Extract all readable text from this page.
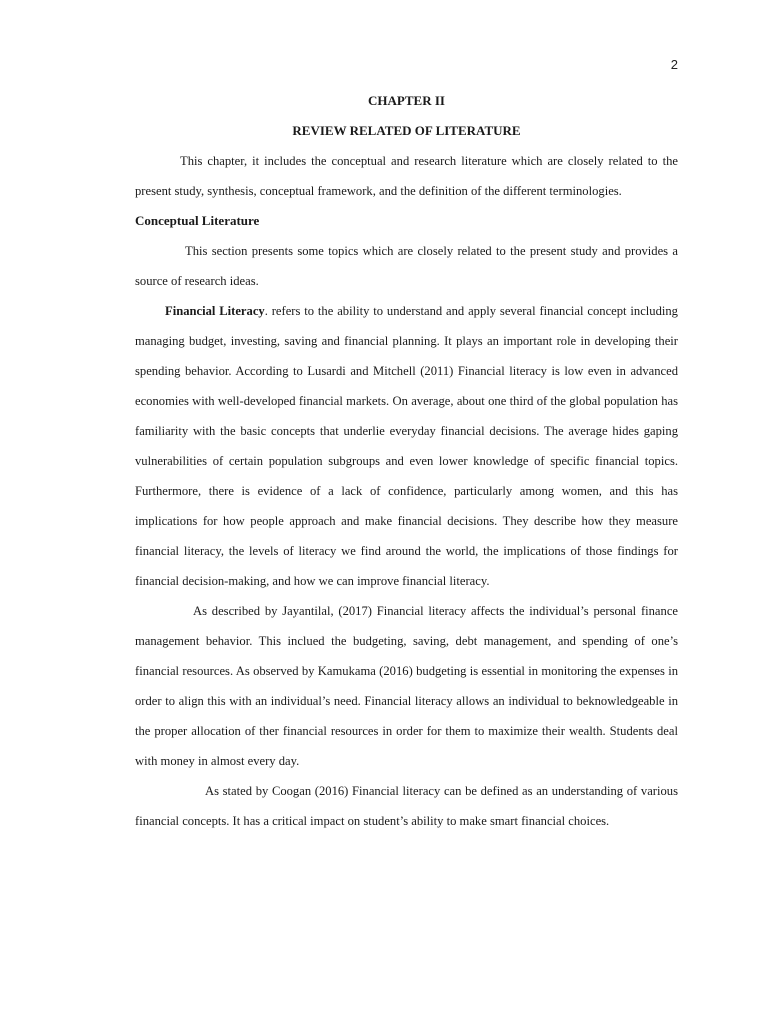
2
CHAPTER II
REVIEW RELATED OF LITERATURE

This chapter, it includes the conceptual and research literature which are closely related to the present study, synthesis, conceptual framework, and the definition of the different terminologies.

Conceptual Literature

This section presents some topics which are closely related to the present study and provides a source of research ideas.

Financial Literacy. refers to the ability to understand and apply several financial concept including managing budget, investing, saving and financial planning. It plays an important role in developing their spending behavior. According to Lusardi and Mitchell (2011) Financial literacy is low even in advanced economies with well-developed financial markets. On average, about one third of the global population has familiarity with the basic concepts that underlie everyday financial decisions. The average hides gaping vulnerabilities of certain population subgroups and even lower knowledge of specific financial topics. Furthermore, there is evidence of a lack of confidence, particularly among women, and this has implications for how people approach and make financial decisions. They describe how they measure financial literacy, the levels of literacy we find around the world, the implications of those findings for financial decision-making, and how we can improve financial literacy.

As described by Jayantilal, (2017) Financial literacy affects the individual’s personal finance management behavior. This inclued the budgeting, saving, debt management, and spending of one’s financial resources. As observed by Kamukama (2016) budgeting is essential in monitoring the expenses in order to align this with an individual’s need. Financial literacy allows an individual to beknowledgeable in the proper allocation of ther financial resources in order for them to maximize their wealth. Students deal with money in almost every day.

As stated by Coogan (2016) Financial literacy can be defined as an understanding of various financial concepts. It has a critical impact on student’s ability to make smart financial choices.
